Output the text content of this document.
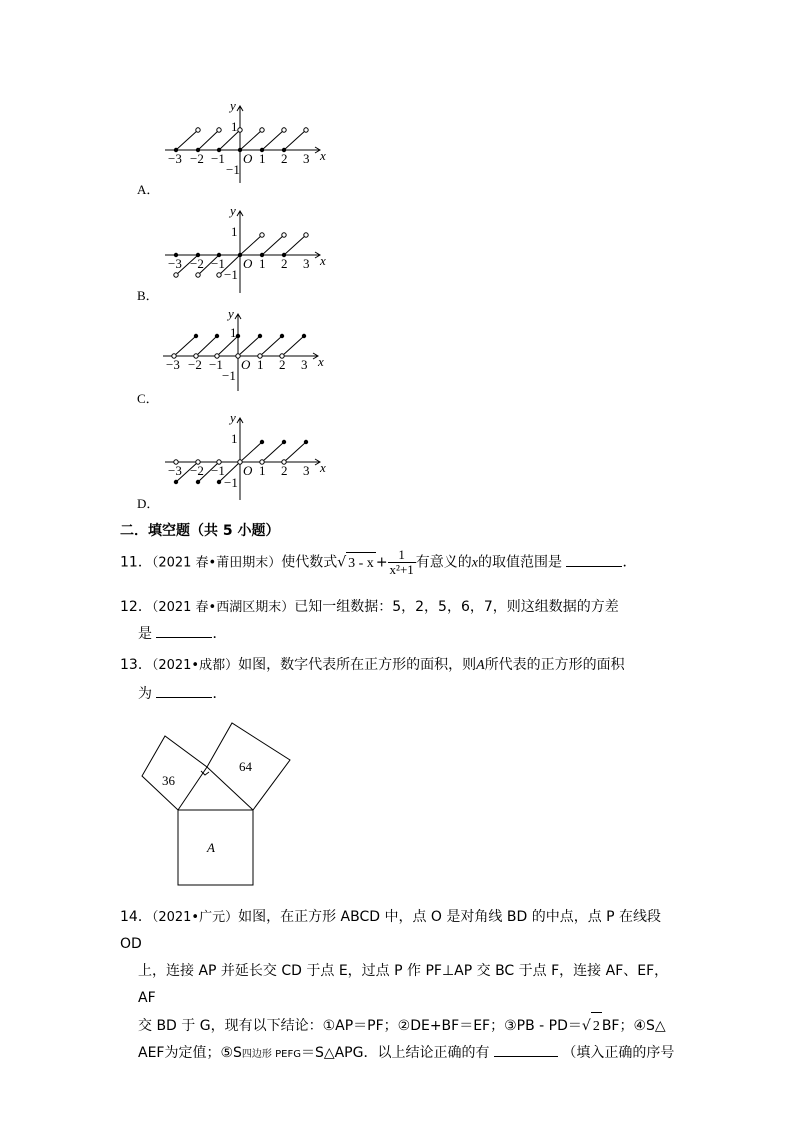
A．
B．
C．
D．
y
x
1
−1
O
−3 −2 −1	1 2 3
y
x
1
−1
O
−3 −2 −1	1 2 3
y
x
1
−1
O
−3 −2 −1	1 2 3
y
x
1
−1
O
−3 −2 −1	1 2 3
二．填空题（共 5 小题）
11．（2021 春•莆田期末）使代数式√ $3 - x + \frac{1}{\text{x²+1}}$ 有意义的x的取值范围是	．
12．（2021 春•西湖区期末）已知一组数据：5，2，5，6，7，则这组数据的方差
是	．
13．（2021•成都）如图，数字代表所在正方形的面积，则A所代表的正方形的面积
为	．
36
64
A
14．（2021•广元）如图，在正方形 ABCD 中，点 O 是对角线 BD 的中点，点 P 在线段 OD
上，连接 AP 并延长交 CD 于点 E，过点 P 作 PF⊥AP 交 BC 于点 F，连接 AF、EF，AF
交 BD 于 G，现有以下结论：①AP＝PF；②DE+BF＝EF；③PB - PD＝√ 2 BF；④S△
AEF为定值；⑤S四边形 PEFG＝S△APG．以上结论正确的有	（填入正确的序号
